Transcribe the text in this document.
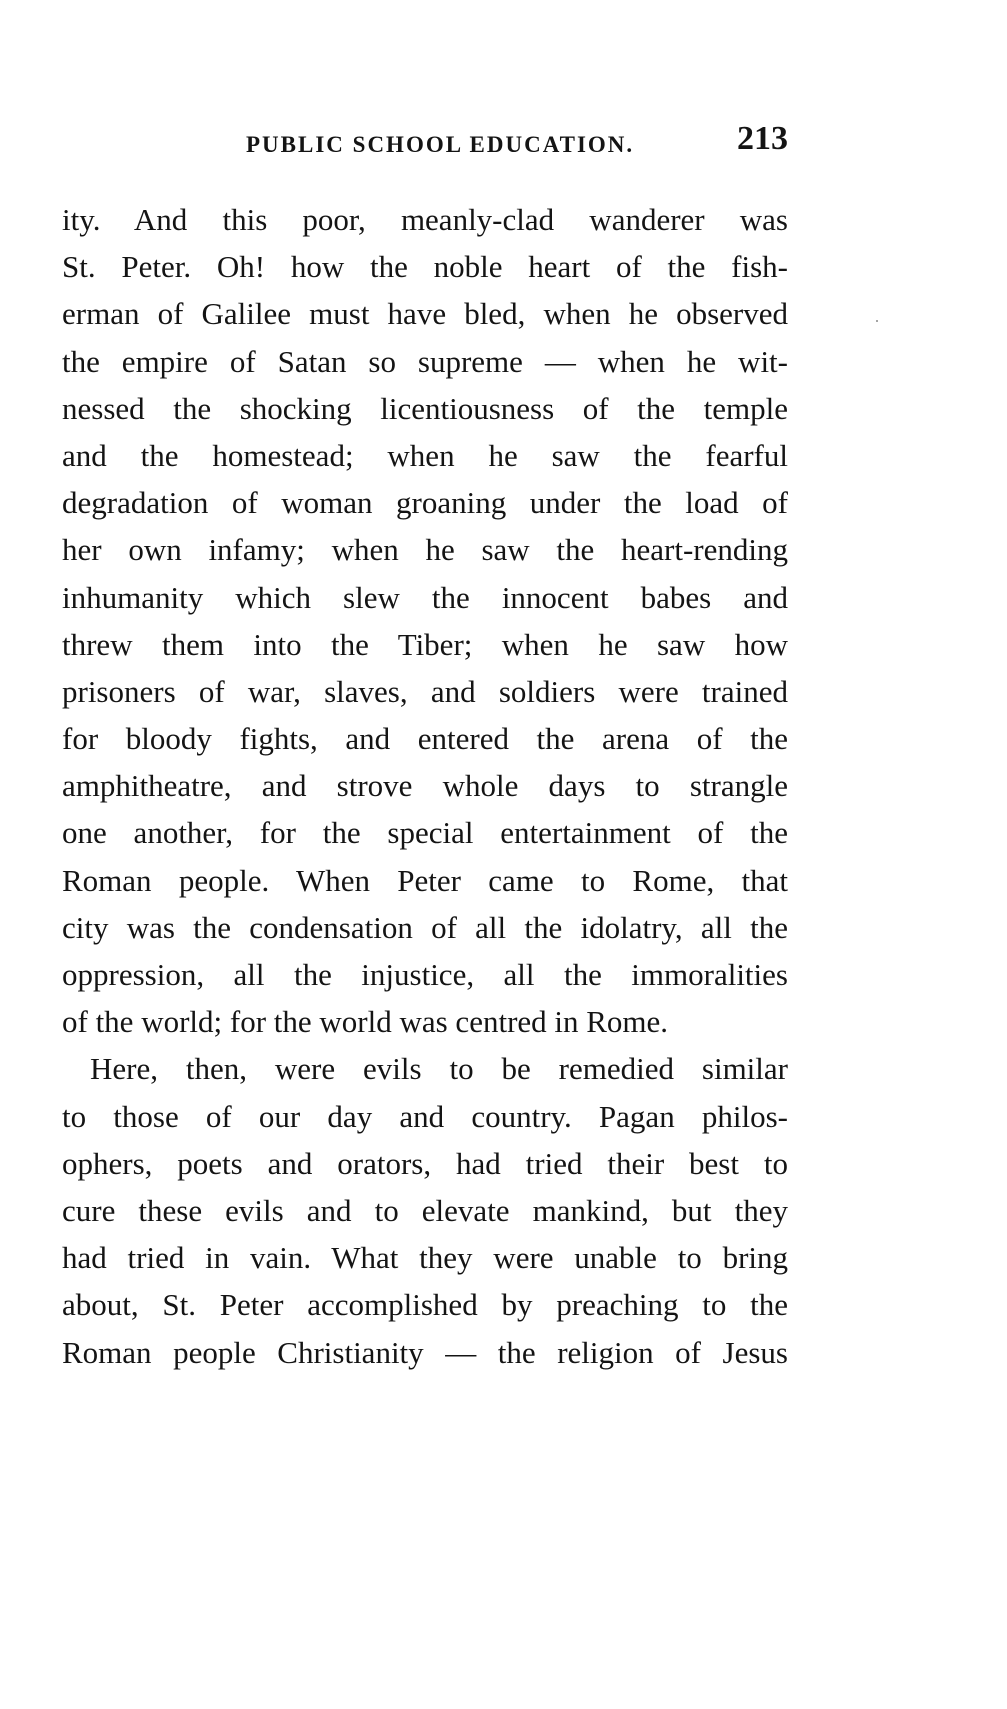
PUBLIC SCHOOL EDUCATION.	213
ity. And this poor, meanly-clad wanderer was
St. Peter. Oh! how the noble heart of the fish-
erman of Galilee must have bled, when he observed
the empire of Satan so supreme — when he wit-
nessed the shocking licentiousness of the temple
and the homestead; when he saw the fearful
degradation of woman groaning under the load of
her own infamy; when he saw the heart-rending
inhumanity which slew the innocent babes and
threw them into the Tiber; when he saw how
prisoners of war, slaves, and soldiers were trained
for bloody fights, and entered the arena of the
amphitheatre, and strove whole days to strangle
one another, for the special entertainment of the
Roman people. When Peter came to Rome, that
city was the condensation of all the idolatry, all the
oppression, all the injustice, all the immoralities
of the world; for the world was centred in Rome.
Here, then, were evils to be remedied similar
to those of our day and country. Pagan philos-
ophers, poets and orators, had tried their best to
cure these evils and to elevate mankind, but they
had tried in vain. What they were unable to bring
about, St. Peter accomplished by preaching to the
Roman people Christianity — the religion of Jesus
